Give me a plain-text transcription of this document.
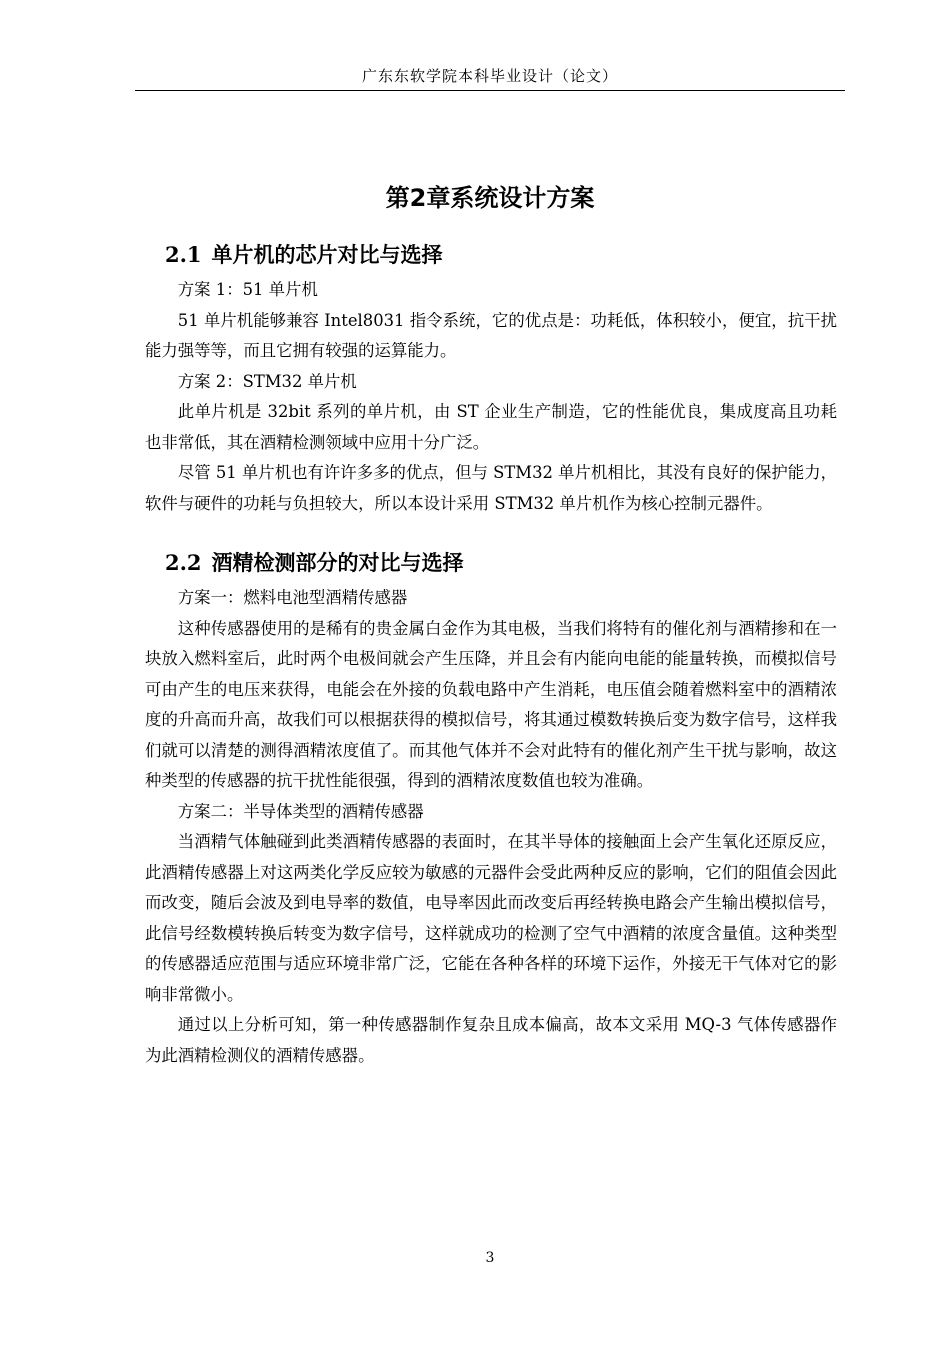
广东东软学院本科毕业设计（论文）
第2章系统设计方案
2.1 单片机的芯片对比与选择

方案 1：51 单片机

51 单片机能够兼容 Intel8031 指令系统，它的优点是：功耗低，体积较小，便宜，抗干扰能力强等等，而且它拥有较强的运算能力。

方案 2：STM32 单片机

此单片机是 32bit 系列的单片机，由 ST 企业生产制造，它的性能优良，集成度高且功耗也非常低，其在酒精检测领域中应用十分广泛。

尽管 51 单片机也有许许多多的优点，但与 STM32 单片机相比，其没有良好的保护能力，软件与硬件的功耗与负担较大，所以本设计采用 STM32 单片机作为核心控制元器件。

2.2 酒精检测部分的对比与选择

方案一：燃料电池型酒精传感器

这种传感器使用的是稀有的贵金属白金作为其电极，当我们将特有的催化剂与酒精掺和在一块放入燃料室后，此时两个电极间就会产生压降，并且会有内能向电能的能量转换，而模拟信号可由产生的电压来获得，电能会在外接的负载电路中产生消耗，电压值会随着燃料室中的酒精浓度的升高而升高，故我们可以根据获得的模拟信号，将其通过模数转换后变为数字信号，这样我们就可以清楚的测得酒精浓度值了。而其他气体并不会对此特有的催化剂产生干扰与影响，故这种类型的传感器的抗干扰性能很强，得到的酒精浓度数值也较为准确。

方案二：半导体类型的酒精传感器

当酒精气体触碰到此类酒精传感器的表面时，在其半导体的接触面上会产生氧化还原反应，此酒精传感器上对这两类化学反应较为敏感的元器件会受此两种反应的影响，它们的阻值会因此而改变，随后会波及到电导率的数值，电导率因此而改变后再经转换电路会产生输出模拟信号，此信号经数模转换后转变为数字信号，这样就成功的检测了空气中酒精的浓度含量值。这种类型的传感器适应范围与适应环境非常广泛，它能在各种各样的环境下运作，外接无干气体对它的影响非常微小。

通过以上分析可知，第一种传感器制作复杂且成本偏高，故本文采用 MQ-3 气体传感器作为此酒精检测仪的酒精传感器。

3
